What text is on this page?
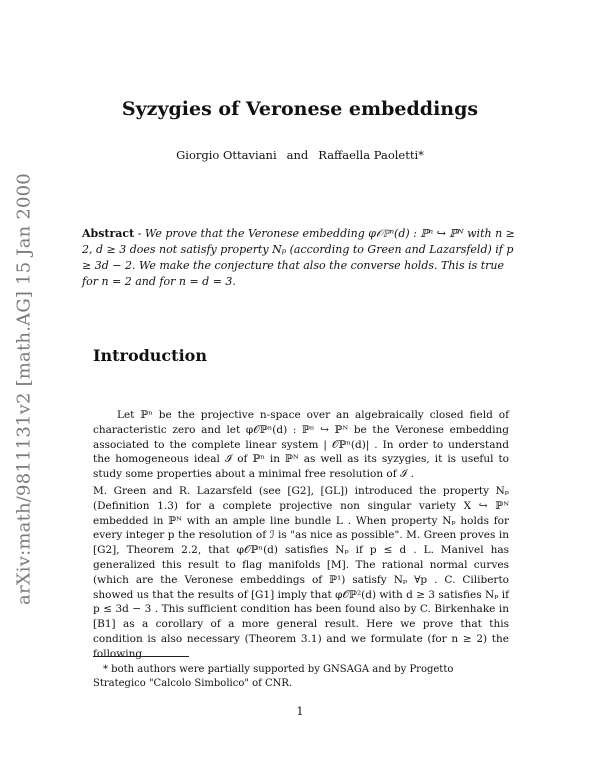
arXiv:math/9811131v2 [math.AG] 15 Jan 2000
Syzygies of Veronese embeddings
Giorgio Ottaviani and Raffaella Paoletti*

Abstract - We prove that the Veronese embedding φ𝒪ℙⁿ(d) : ℙⁿ ↪ ℙᴺ with n ≥ 2, d ≥ 3 does not satisfy property Nₚ (according to Green and Lazarsfeld) if p ≥ 3d − 2. We make the conjecture that also the converse holds. This is true for n = 2 and for n = d = 3.

Introduction

Let ℙⁿ be the projective n-space over an algebraically closed field of characteristic zero and let φ𝒪ℙⁿ(d) : ℙⁿ ↪ ℙᴺ be the Veronese embedding associated to the complete linear system | 𝒪ℙⁿ(d)| . In order to understand the homogeneous ideal ℐ of ℙⁿ in ℙᴺ as well as its syzygies, it is useful to study some properties about a minimal free resolution of ℐ .

M. Green and R. Lazarsfeld (see [G2], [GL]) introduced the property Nₚ (Definition 1.3) for a complete projective non singular variety X ↪ ℙᴺ embedded in ℙᴺ with an ample line bundle L . When property Nₚ holds for every integer p the resolution of ℐ is "as nice as possible". M. Green proves in [G2], Theorem 2.2, that φ𝒪ℙⁿ(d) satisfies Nₚ if p ≤ d . L. Manivel has generalized this result to flag manifolds [M]. The rational normal curves (which are the Veronese embeddings of ℙ¹) satisfy Nₚ ∀p . C. Ciliberto showed us that the results of [G1] imply that φ𝒪ℙ²(d) with d ≥ 3 satisfies Nₚ if p ≤ 3d − 3 . This sufficient condition has been found also by C. Birkenhake in [B1] as a corollary of a more general result. Here we prove that this condition is also necessary (Theorem 3.1) and we formulate (for n ≥ 2) the following

* both authors were partially supported by GNSAGA and by Progetto Strategico "Calcolo Simbolico" of CNR.

1
